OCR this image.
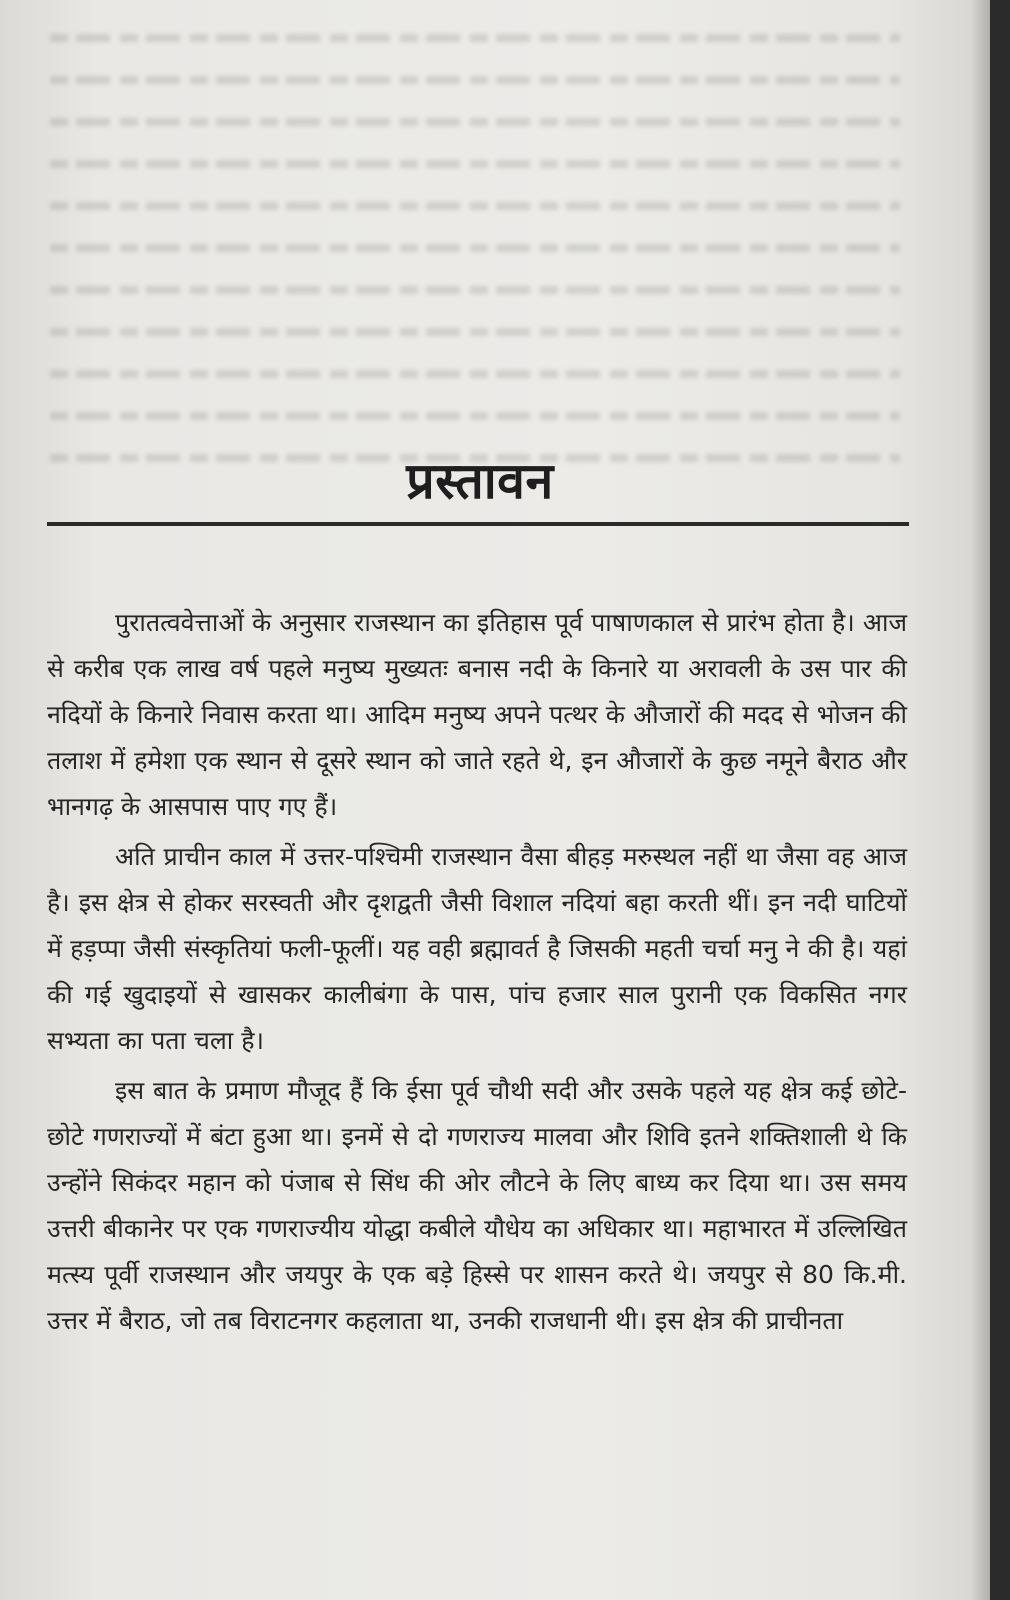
प्रस्तावन

पुरातत्ववेत्ताओं के अनुसार राजस्थान का इतिहास पूर्व पाषाणकाल से प्रारंभ होता है। आज से करीब एक लाख वर्ष पहले मनुष्य मुख्यतः बनास नदी के किनारे या अरावली के उस पार की नदियों के किनारे निवास करता था। आदिम मनुष्य अपने पत्थर के औजारों की मदद से भोजन की तलाश में हमेशा एक स्थान से दूसरे स्थान को जाते रहते थे, इन औजारों के कुछ नमूने बैराठ और भानगढ़ के आसपास पाए गए हैं।

अति प्राचीन काल में उत्तर-पश्चिमी राजस्थान वैसा बीहड़ मरुस्थल नहीं था जैसा वह आज है। इस क्षेत्र से होकर सरस्वती और दृशद्वती जैसी विशाल नदियां बहा करती थीं। इन नदी घाटियों में हड़प्पा जैसी संस्कृतियां फली-फूलीं। यह वही ब्रह्मावर्त है जिसकी महती चर्चा मनु ने की है। यहां की गई खुदाइयों से खासकर कालीबंगा के पास, पांच हजार साल पुरानी एक विकसित नगर सभ्यता का पता चला है।

इस बात के प्रमाण मौजूद हैं कि ईसा पूर्व चौथी सदी और उसके पहले यह क्षेत्र कई छोटे-छोटे गणराज्यों में बंटा हुआ था। इनमें से दो गणराज्य मालवा और शिवि इतने शक्तिशाली थे कि उन्होंने सिकंदर महान को पंजाब से सिंध की ओर लौटने के लिए बाध्य कर दिया था। उस समय उत्तरी बीकानेर पर एक गणराज्यीय योद्धा कबीले यौधेय का अधिकार था। महाभारत में उल्लिखित मत्स्य पूर्वी राजस्थान और जयपुर के एक बड़े हिस्से पर शासन करते थे। जयपुर से 80 कि.मी. उत्तर में बैराठ, जो तब विराटनगर कहलाता था, उनकी राजधानी थी। इस क्षेत्र की प्राचीनता
